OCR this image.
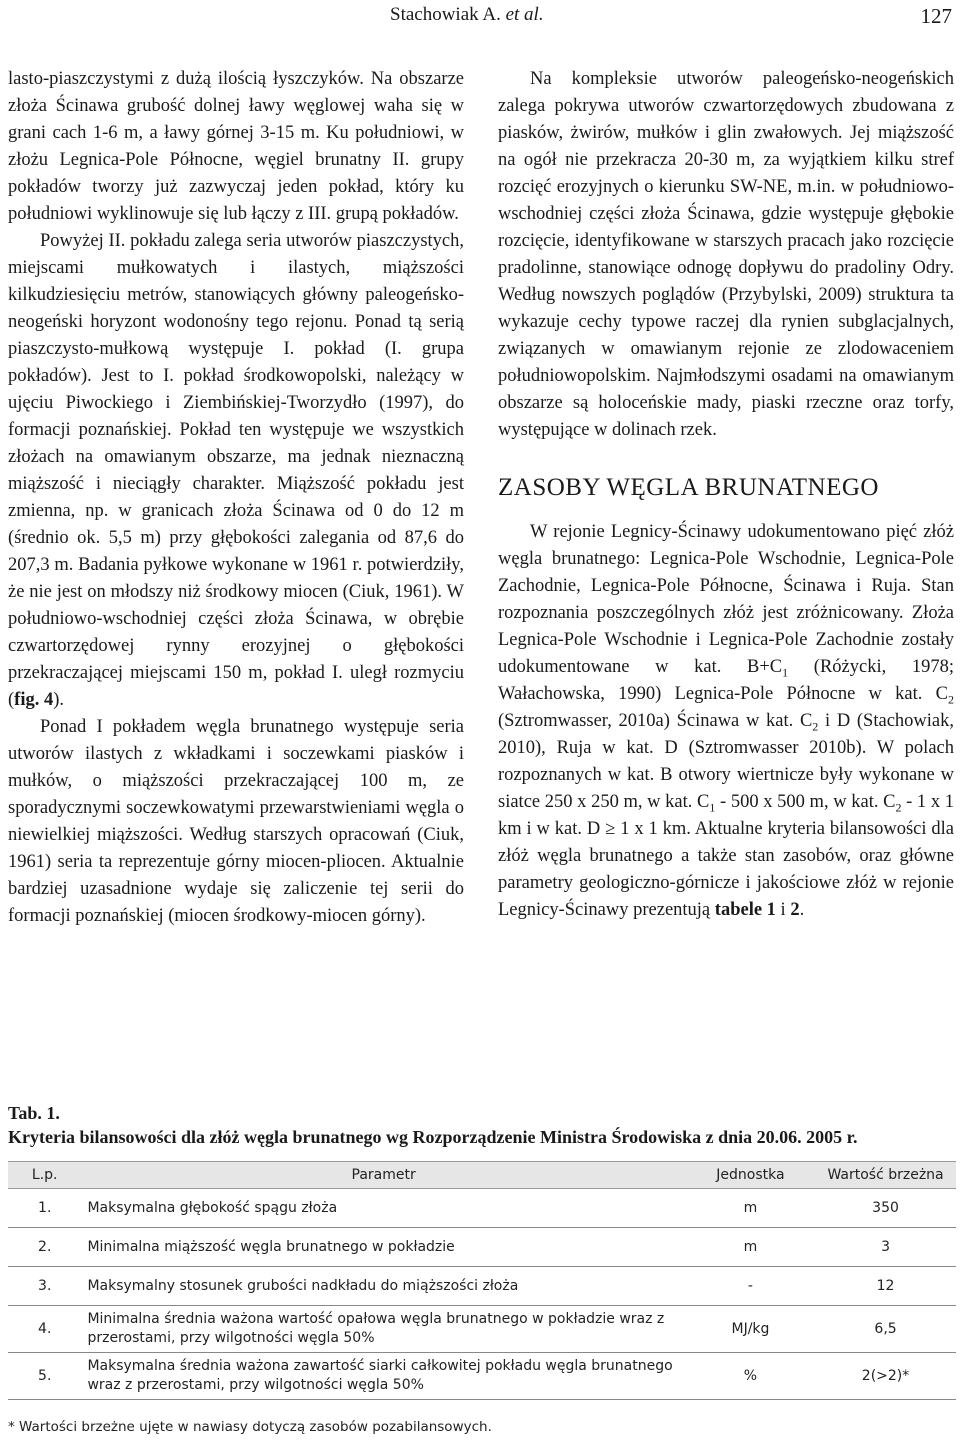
Stachowiak A. et al.	127

lasto-piaszczystymi z dużą ilością łyszczyków. Na obszarze złoża Ścinawa grubość dolnej ławy węglowej waha się w grani cach 1-6 m, a ławy górnej 3-15 m. Ku południowi, w złożu Legnica-Pole Północne, węgiel brunatny II. grupy pokładów tworzy już zazwyczaj jeden pokład, który ku południowi wyklinowuje się lub łączy z III. grupą pokładów.

Powyżej II. pokładu zalega seria utworów piaszczystych, miejscami mułkowatych i ilastych, miąższości kilkudziesięciu metrów, stanowiących główny paleogeńsko-neogeński horyzont wodonośny tego rejonu. Ponad tą serią piaszczysto-mułkową występuje I. pokład (I. grupa pokładów). Jest to I. pokład środkowopolski, należący w ujęciu Piwockiego i Ziembińskiej-Tworzydło (1997), do formacji poznańskiej. Pokład ten występuje we wszystkich złożach na omawianym obszarze, ma jednak nieznaczną miąższość i nieciągły charakter. Miąższość pokładu jest zmienna, np. w granicach złoża Ścinawa od 0 do 12 m (średnio ok. 5,5 m) przy głębokości zalegania od 87,6 do 207,3 m. Badania pyłkowe wykonane w 1961 r. potwierdziły, że nie jest on młodszy niż środkowy miocen (Ciuk, 1961). W południowo-wschodniej części złoża Ścinawa, w obrębie czwartorzędowej rynny erozyjnej o głębokości przekraczającej miejscami 150 m, pokład I. uległ rozmyciu (fig. 4).

Ponad I pokładem węgla brunatnego występuje seria utworów ilastych z wkładkami i soczewkami piasków i mułków, o miąższości przekraczającej 100 m, ze sporadycznymi soczewkowatymi przewarstwieniami węgla o niewielkiej miąższości. Według starszych opracowań (Ciuk, 1961) seria ta reprezentuje górny miocen-pliocen. Aktualnie bardziej uzasadnione wydaje się zaliczenie tej serii do formacji poznańskiej (miocen środkowy-miocen górny).

Na kompleksie utworów paleogeńsko-neogeńskich zalega pokrywa utworów czwartorzędowych zbudowana z piasków, żwirów, mułków i glin zwałowych. Jej miąższość na ogół nie przekracza 20-30 m, za wyjątkiem kilku stref rozcięć erozyjnych o kierunku SW-NE, m.in. w południowo-wschodniej części złoża Ścinawa, gdzie występuje głębokie rozcięcie, identyfikowane w starszych pracach jako rozcięcie pradolinne, stanowiące odnogę dopływu do pradoliny Odry. Według nowszych poglądów (Przybylski, 2009) struktura ta wykazuje cechy typowe raczej dla rynien subglacjalnych, związanych w omawianym rejonie ze zlodowaceniem południowopolskim. Najmłodszymi osadami na omawianym obszarze są holoceńskie mady, piaski rzeczne oraz torfy, występujące w dolinach rzek.

ZASOBY WĘGLA BRUNATNEGO

W rejonie Legnicy-Ścinawy udokumentowano pięć złóż węgla brunatnego: Legnica-Pole Wschodnie, Legnica-Pole Zachodnie, Legnica-Pole Północne, Ścinawa i Ruja. Stan rozpoznania poszczególnych złóż jest zróżnicowany. Złoża Legnica-Pole Wschodnie i Legnica-Pole Zachodnie zostały udokumentowane w kat. $B+C_1$ (Różycki, 1978; Wałachowska, 1990) Legnica-Pole Północne w kat. $C_2$ (Sztromwasser, 2010a) Ścinawa w kat. $C_2$ i D (Stachowiak, 2010), Ruja w kat. D (Sztromwasser 2010b). W polach rozpoznanych w kat. B otwory wiertnicze były wykonane w siatce 250 x 250 m, w kat. $C_1 - 500$ x 500 m, w kat. $C_2 - 1$ x 1 km i w kat. D ≥ 1 x 1 km. Aktualne kryteria bilansowości dla złóż węgla brunatnego a także stan zasobów, oraz główne parametry geologiczno-górnicze i jakościowe złóż w rejonie Legnicy-Ścinawy prezentują tabele 1 i 2.

Tab. 1.
Kryteria bilansowości dla złóż węgla brunatnego wg Rozporządzenie Ministra Środowiska z dnia 20.06. 2005 r.
L.p.	Parametr	Jednostka	Wartość brzeżna
1.	Maksymalna głębokość spągu złoża	m	350
2.	Minimalna miąższość węgla brunatnego w pokładzie	m	3
3.	Maksymalny stosunek grubości nadkładu do miąższości złoża	-	12
4.	Minimalna średnia ważona wartość opałowa węgla brunatnego w pokładzie wraz z przerostami, przy wilgotności węgla 50%	MJ/kg	6,5
5.	Maksymalna średnia ważona zawartość siarki całkowitej pokładu węgla brunatnego wraz z przerostami, przy wilgotności węgla 50%	%	2(>2)*
* Wartości brzeżne ujęte w nawiasy dotyczą zasobów pozabilansowych.
